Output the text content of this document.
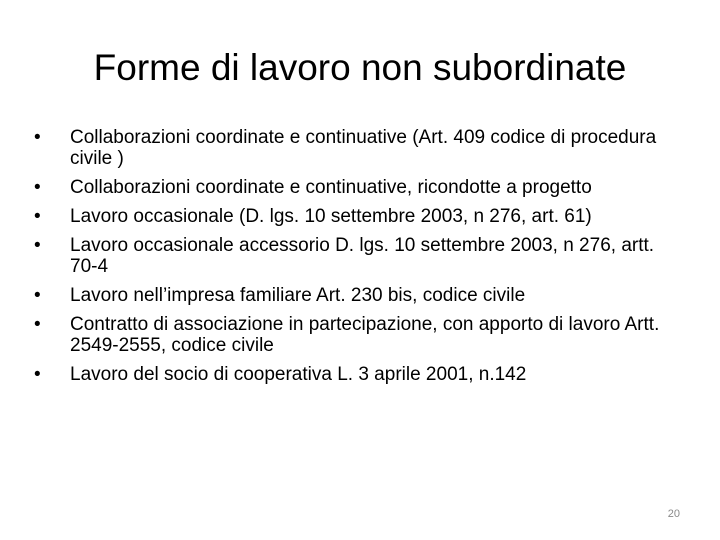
Forme di lavoro non subordinate
•	Collaborazioni coordinate e continuative (Art. 409 codice di procedura civile )
•	Collaborazioni coordinate e continuative, ricondotte a progetto
•	Lavoro occasionale (D. lgs. 10 settembre 2003, n 276, art. 61)
•	Lavoro occasionale accessorio D. lgs. 10 settembre 2003, n 276, artt. 70-4
•	Lavoro nell’impresa familiare Art. 230 bis, codice civile
•	Contratto di associazione in partecipazione, con apporto di lavoro Artt. 2549-2555, codice civile
•	Lavoro del socio di cooperativa L. 3 aprile 2001, n.142
20
